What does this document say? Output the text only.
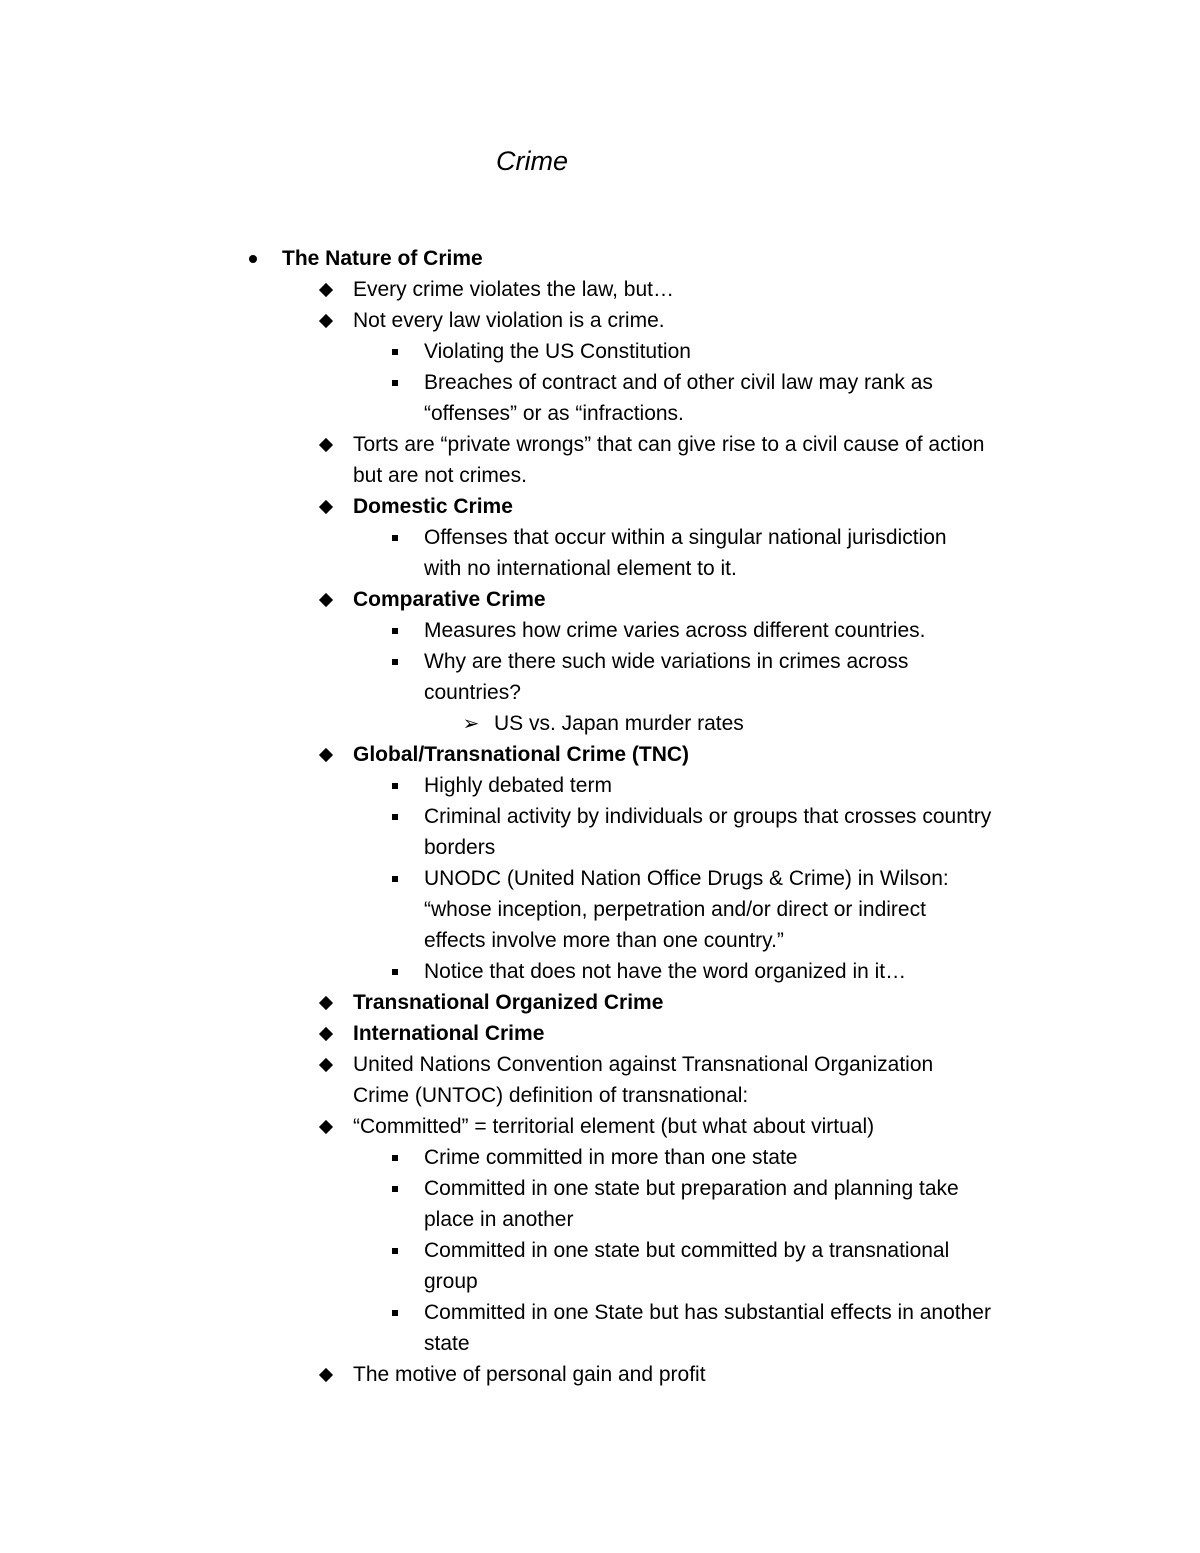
Crime
The Nature of Crime
Every crime violates the law, but…
Not every law violation is a crime.
Violating the US Constitution
Breaches of contract and of other civil law may rank as
“offenses” or as “infractions.
Torts are “private wrongs” that can give rise to a civil cause of action
but are not crimes.
Domestic Crime
Offenses that occur within a singular national jurisdiction
with no international element to it.
Comparative Crime
Measures how crime varies across different countries.
Why are there such wide variations in crimes across
countries?
➢ US vs. Japan murder rates
Global/Transnational Crime (TNC)
Highly debated term
Criminal activity by individuals or groups that crosses country
borders
UNODC (United Nation Office Drugs & Crime) in Wilson:
“whose inception, perpetration and/or direct or indirect
effects involve more than one country.”
Notice that does not have the word organized in it…
Transnational Organized Crime
International Crime
United Nations Convention against Transnational Organization
Crime (UNTOC) definition of transnational:
“Committed” = territorial element (but what about virtual)
Crime committed in more than one state
Committed in one state but preparation and planning take
place in another
Committed in one state but committed by a transnational
group
Committed in one State but has substantial effects in another
state
The motive of personal gain and profit
